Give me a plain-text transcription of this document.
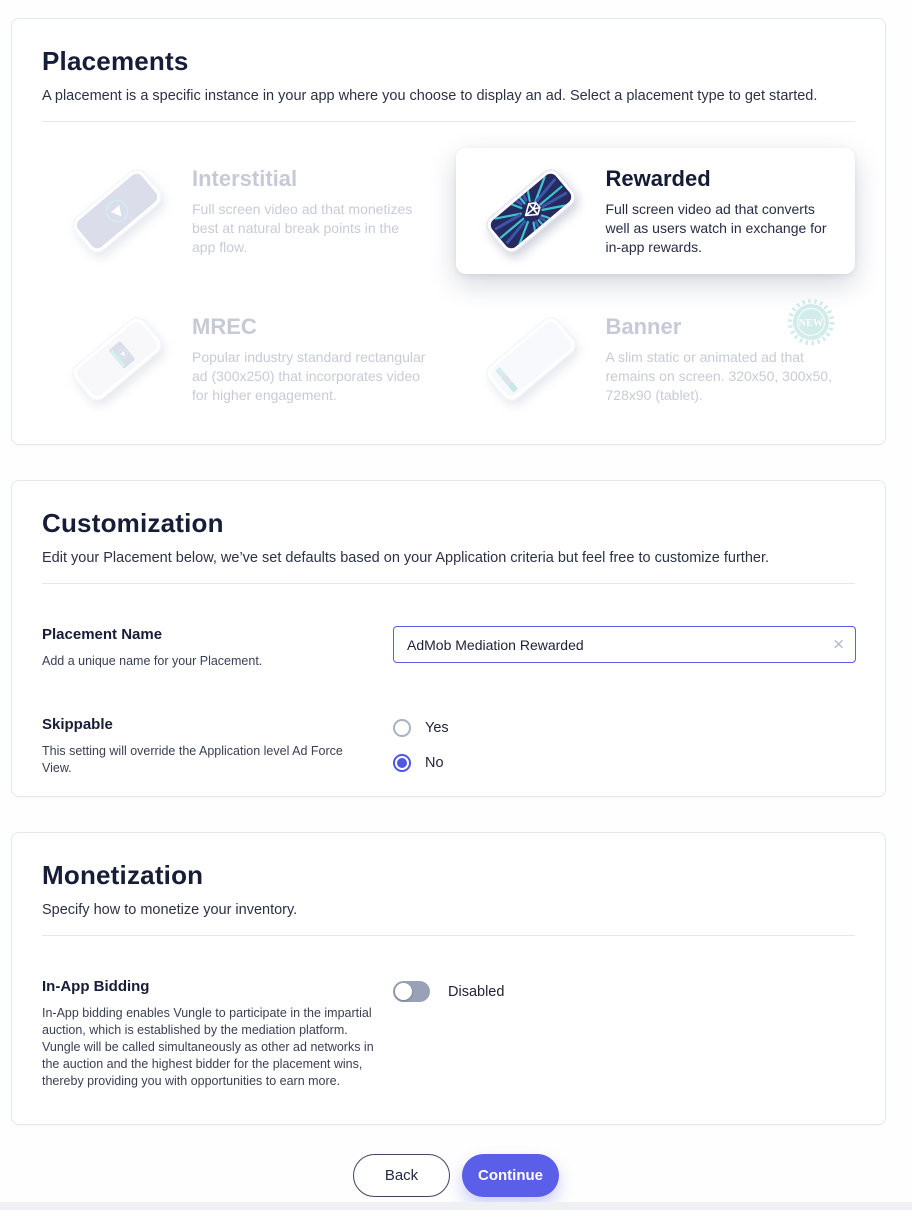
Placements
A placement is a specific instance in your app where you choose to display an ad. Select a placement type to get started.
Interstitial
Full screen video ad that monetizes best at natural break points in the app flow.
Rewarded
Full screen video ad that converts well as users watch in exchange for in-app rewards.
MREC
Popular industry standard rectangular ad (300x250) that incorporates video for higher engagement.
Banner
A slim static or animated ad that remains on screen. 320x50, 300x50, 728x90 (tablet).
NEW
Customization
Edit your Placement below, we’ve set defaults based on your Application criteria but feel free to customize further.
Placement Name
Add a unique name for your Placement.
AdMob Mediation Rewarded
✕
Skippable
This setting will override the Application level Ad Force View.
Yes
No
Monetization
Specify how to monetize your inventory.
In-App Bidding
In-App bidding enables Vungle to participate in the impartial auction, which is established by the mediation platform. Vungle will be called simultaneously as other ad networks in the auction and the highest bidder for the placement wins, thereby providing you with opportunities to earn more.
Disabled
Back	Continue
